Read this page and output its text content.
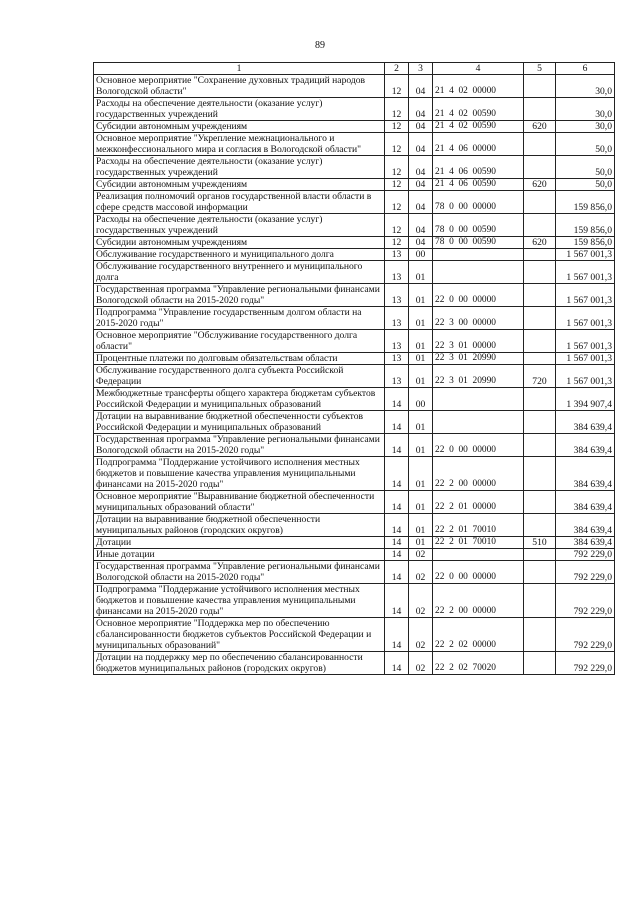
89
1	2	3	4	5	6
Основное мероприятие "Сохранение духовных традиций народов Вологодской области"	12	04	21  4  02  00000		30,0
Расходы на обеспечение деятельности (оказание услуг) государственных учреждений	12	04	21  4  02  00590		30,0
Субсидии автономным учреждениям	12	04	21  4  02  00590	620	30,0
Основное мероприятие "Укрепление межнационального и межконфессионального мира и согласия в Вологодской области"	12	04	21  4  06  00000		50,0
Расходы на обеспечение деятельности (оказание услуг) государственных учреждений	12	04	21  4  06  00590		50,0
Субсидии автономным учреждениям	12	04	21  4  06  00590	620	50,0
Реализация полномочий органов государственной власти области в сфере средств массовой информации	12	04	78  0  00  00000		159 856,0
Расходы на обеспечение деятельности (оказание услуг) государственных учреждений	12	04	78  0  00  00590		159 856,0
Субсидии автономным учреждениям	12	04	78  0  00  00590	620	159 856,0
Обслуживание государственного и муниципального долга	13	00			1 567 001,3
Обслуживание государственного внутреннего и муниципального долга	13	01			1 567 001,3
Государственная программа "Управление региональными финансами Вологодской области на 2015-2020 годы"	13	01	22  0  00  00000		1 567 001,3
Подпрограмма "Управление государственным долгом области на 2015-2020 годы"	13	01	22  3  00  00000		1 567 001,3
Основное мероприятие "Обслуживание государственного долга области"	13	01	22  3  01  00000		1 567 001,3
Процентные платежи по долговым обязательствам области	13	01	22  3  01  20990		1 567 001,3
Обслуживание государственного долга субъекта Российской Федерации	13	01	22  3  01  20990	720	1 567 001,3
Межбюджетные трансферты общего характера бюджетам субъектов Российской Федерации и муниципальных образований	14	00			1 394 907,4
Дотации на выравнивание бюджетной обеспеченности субъектов Российской Федерации и муниципальных образований	14	01			384 639,4
Государственная программа "Управление региональными финансами Вологодской области на 2015-2020 годы"	14	01	22  0  00  00000		384 639,4
Подпрограмма "Поддержание устойчивого исполнения местных бюджетов и повышение качества управления муниципальными финансами на 2015-2020 годы"	14	01	22  2  00  00000		384 639,4
Основное мероприятие "Выравнивание бюджетной обеспеченности муниципальных образований области"	14	01	22  2  01  00000		384 639,4
Дотации на выравнивание бюджетной обеспеченности муниципальных районов (городских округов)	14	01	22  2  01  70010		384 639,4
Дотации	14	01	22  2  01  70010	510	384 639,4
Иные дотации	14	02			792 229,0
Государственная программа "Управление региональными финансами Вологодской области на 2015-2020 годы"	14	02	22  0  00  00000		792 229,0
Подпрограмма "Поддержание устойчивого исполнения местных бюджетов и повышение качества управления муниципальными финансами на 2015-2020 годы"	14	02	22  2  00  00000		792 229,0
Основное мероприятие "Поддержка мер по обеспечению сбалансированности бюджетов субъектов Российской Федерации и муниципальных образований"	14	02	22  2  02  00000		792 229,0
Дотации на поддержку мер по обеспечению сбалансированности бюджетов муниципальных районов (городских округов)	14	02	22  2  02  70020		792 229,0
